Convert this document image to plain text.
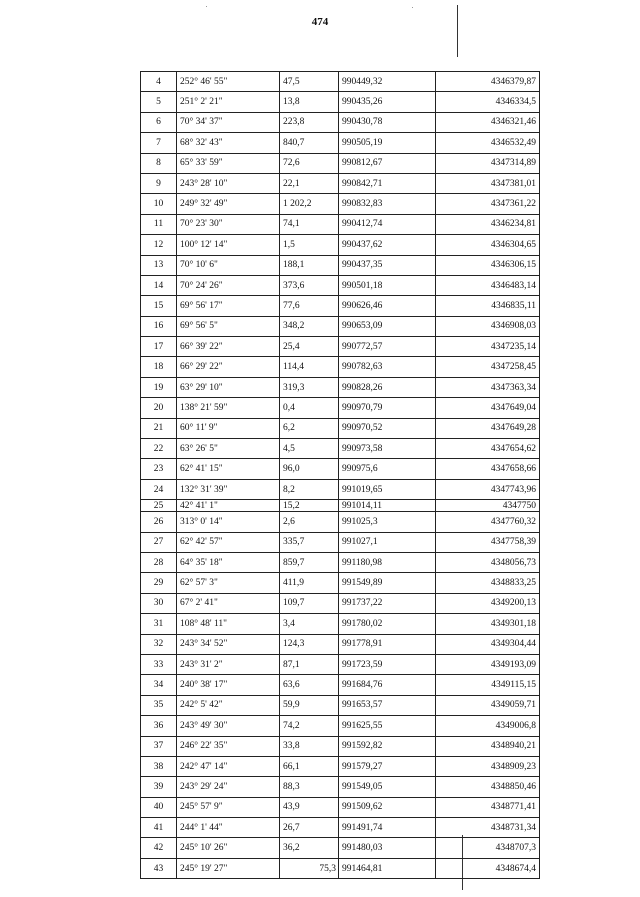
474
4	252° 46' 55"	47,5	990449,32	4346379,87
5	251° 2' 21"	13,8	990435,26	4346334,5
6	70° 34' 37"	223,8	990430,78	4346321,46
7	68° 32' 43"	840,7	990505,19	4346532,49
8	65° 33' 59"	72,6	990812,67	4347314,89
9	243° 28' 10"	22,1	990842,71	4347381,01
10	249° 32' 49"	1 202,2	990832,83	4347361,22
11	70° 23' 30"	74,1	990412,74	4346234,81
12	100° 12' 14"	1,5	990437,62	4346304,65
13	70° 10' 6"	188,1	990437,35	4346306,15
14	70° 24' 26"	373,6	990501,18	4346483,14
15	69° 56' 17"	77,6	990626,46	4346835,11
16	69° 56' 5"	348,2	990653,09	4346908,03
17	66° 39' 22"	25,4	990772,57	4347235,14
18	66° 29' 22"	114,4	990782,63	4347258,45
19	63° 29' 10"	319,3	990828,26	4347363,34
20	138° 21' 59"	0,4	990970,79	4347649,04
21	60° 11' 9"	6,2	990970,52	4347649,28
22	63° 26' 5"	4,5	990973,58	4347654,62
23	62° 41' 15"	96,0	990975,6	4347658,66
24	132° 31' 39"	8,2	991019,65	4347743,96
25	42° 41' 1"	15,2	991014,11	4347750
26	313° 0' 14"	2,6	991025,3	4347760,32
27	62° 42' 57"	335,7	991027,1	4347758,39
28	64° 35' 18"	859,7	991180,98	4348056,73
29	62° 57' 3"	411,9	991549,89	4348833,25
30	67° 2' 41"	109,7	991737,22	4349200,13
31	108° 48' 11"	3,4	991780,02	4349301,18
32	243° 34' 52"	124,3	991778,91	4349304,44
33	243° 31' 2"	87,1	991723,59	4349193,09
34	240° 38' 17"	63,6	991684,76	4349115,15
35	242° 5' 42"	59,9	991653,57	4349059,71
36	243° 49' 30"	74,2	991625,55	4349006,8
37	246° 22' 35"	33,8	991592,82	4348940,21
38	242° 47' 14"	66,1	991579,27	4348909,23
39	243° 29' 24"	88,3	991549,05	4348850,46
40	245° 57' 9"	43,9	991509,62	4348771,41
41	244° 1' 44"	26,7	991491,74	4348731,34
42	245° 10' 26"	36,2	991480,03	4348707,3
43	245° 19' 27"	75,3	991464,81	4348674,4
